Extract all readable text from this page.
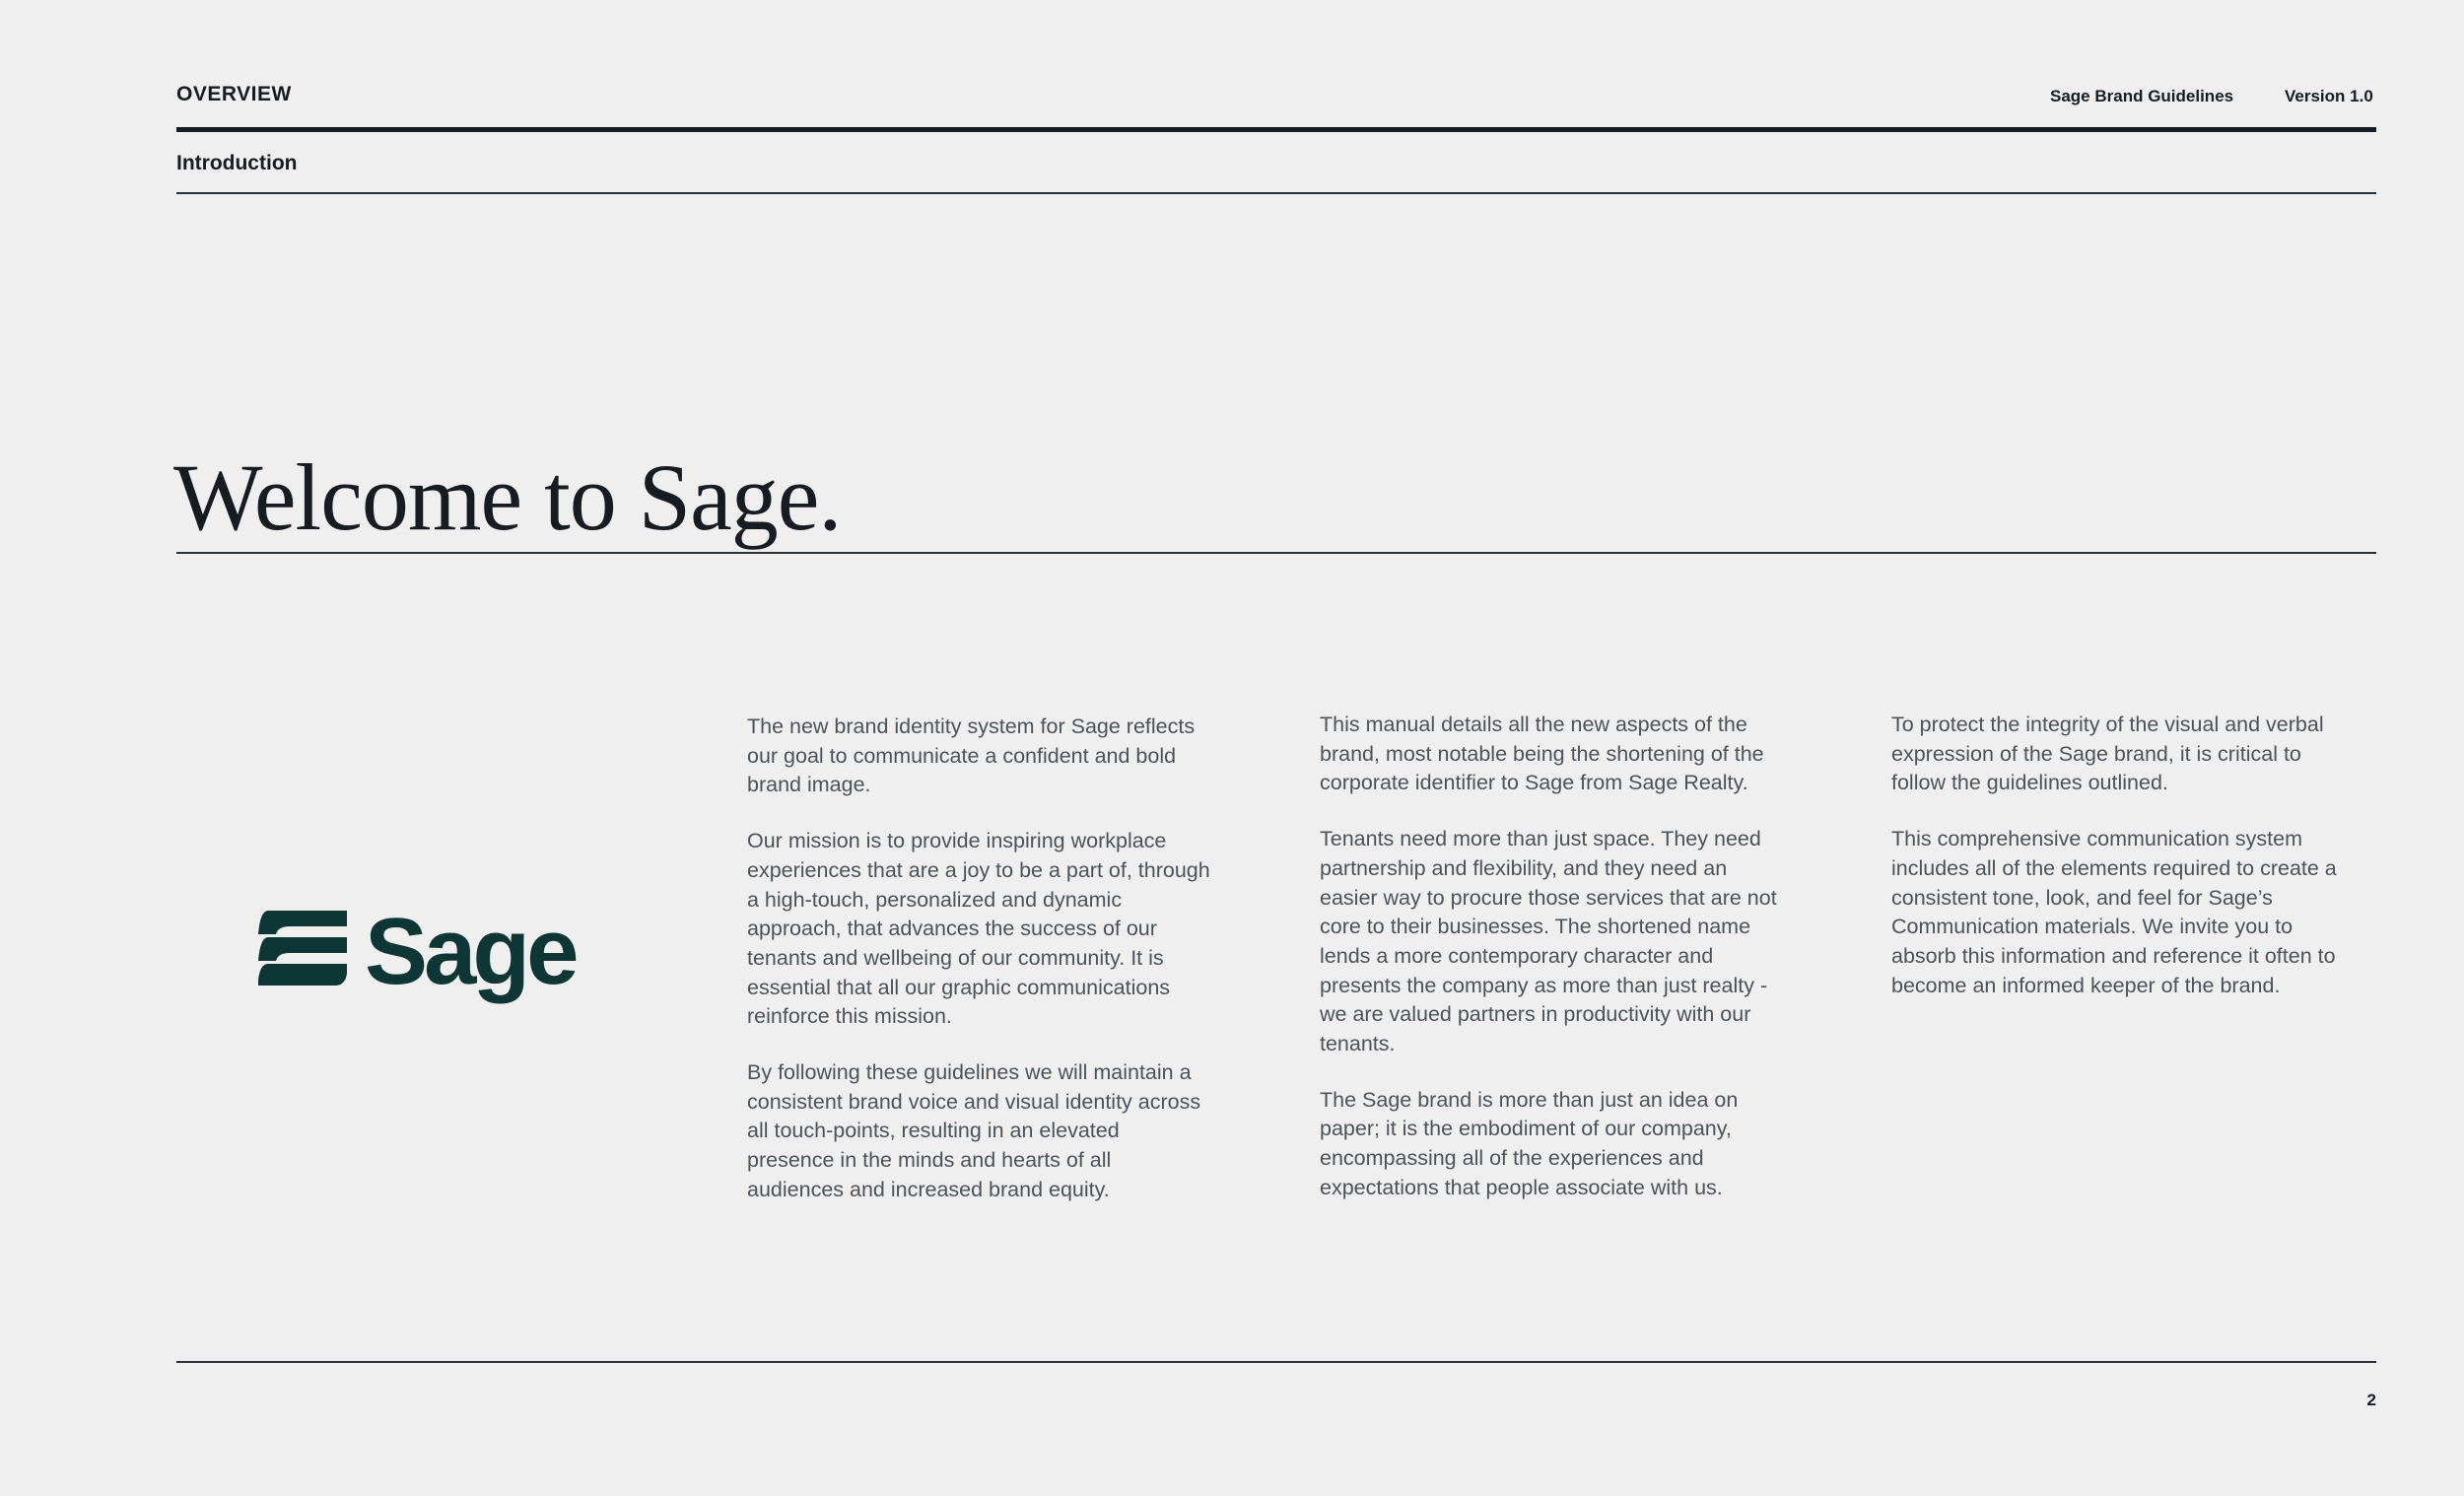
OVERVIEW	Sage Brand Guidelines	Version 1.0
Introduction
Welcome to Sage.
Sage

The new brand identity system for Sage reflects our goal to communicate a confident and bold brand image.

Our mission is to provide inspiring workplace experiences that are a joy to be a part of, through a high-touch, personalized and dynamic approach, that advances the success of our tenants and wellbeing of our community. It is essential that all our graphic communications reinforce this mission.

By following these guidelines we will maintain a consistent brand voice and visual identity across all touch-points, resulting in an elevated presence in the minds and hearts of all audiences and increased brand equity.

This manual details all the new aspects of the brand, most notable being the shortening of the corporate identifier to Sage from Sage Realty.

Tenants need more than just space. They need partnership and flexibility, and they need an easier way to procure those services that are not core to their businesses. The shortened name lends a more contemporary character and presents the company as more than just realty - we are valued partners in productivity with our tenants.

The Sage brand is more than just an idea on paper; it is the embodiment of our company, encompassing all of the experiences and expectations that people associate with us.

To protect the integrity of the visual and verbal expression of the Sage brand, it is critical to follow the guidelines outlined.

This comprehensive communication system includes all of the elements required to create a consistent tone, look, and feel for Sage’s Communication materials. We invite you to absorb this information and reference it often to become an informed keeper of the brand.

2
